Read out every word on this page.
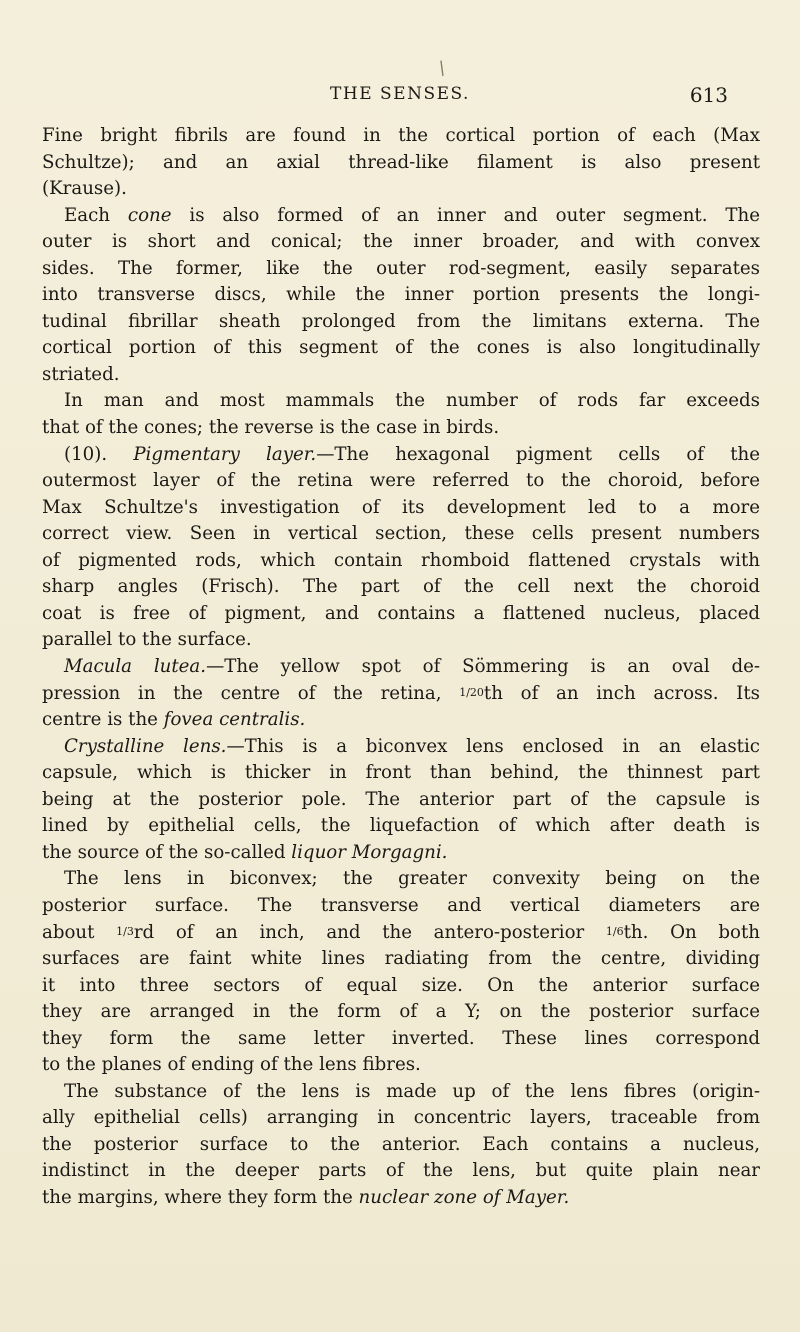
/
THE SENSES.	613
Fine bright fibrils are found in the cortical portion of each (Max
Schultze); and an axial thread-like filament is also present
(Krause).
Each cone is also formed of an inner and outer segment. The
outer is short and conical; the inner broader, and with convex
sides. The former, like the outer rod-segment, easily separates
into transverse discs, while the inner portion presents the longi-
tudinal fibrillar sheath prolonged from the limitans externa. The
cortical portion of this segment of the cones is also longitudinally
striated.
In man and most mammals the number of rods far exceeds
that of the cones; the reverse is the case in birds.
(10). Pigmentary layer.—The hexagonal pigment cells of the
outermost layer of the retina were referred to the choroid, before
Max Schultze's investigation of its development led to a more
correct view. Seen in vertical section, these cells present numbers
of pigmented rods, which contain rhomboid flattened crystals with
sharp angles (Frisch). The part of the cell next the choroid
coat is free of pigment, and contains a flattened nucleus, placed
parallel to the surface.
Macula lutea.—The yellow spot of Sömmering is an oval de-
pression in the centre of the retina, 1/20th of an inch across. Its
centre is the fovea centralis.
Crystalline lens.—This is a biconvex lens enclosed in an elastic
capsule, which is thicker in front than behind, the thinnest part
being at the posterior pole. The anterior part of the capsule is
lined by epithelial cells, the liquefaction of which after death is
the source of the so-called liquor Morgagni.
The lens in biconvex; the greater convexity being on the
posterior surface. The transverse and vertical diameters are
about 1/3rd of an inch, and the antero-posterior 1/6th. On both
surfaces are faint white lines radiating from the centre, dividing
it into three sectors of equal size. On the anterior surface
they are arranged in the form of a Y; on the posterior surface
they form the same letter inverted. These lines correspond
to the planes of ending of the lens fibres.
The substance of the lens is made up of the lens fibres (origin-
ally epithelial cells) arranging in concentric layers, traceable from
the posterior surface to the anterior. Each contains a nucleus,
indistinct in the deeper parts of the lens, but quite plain near
the margins, where they form the nuclear zone of Mayer.
